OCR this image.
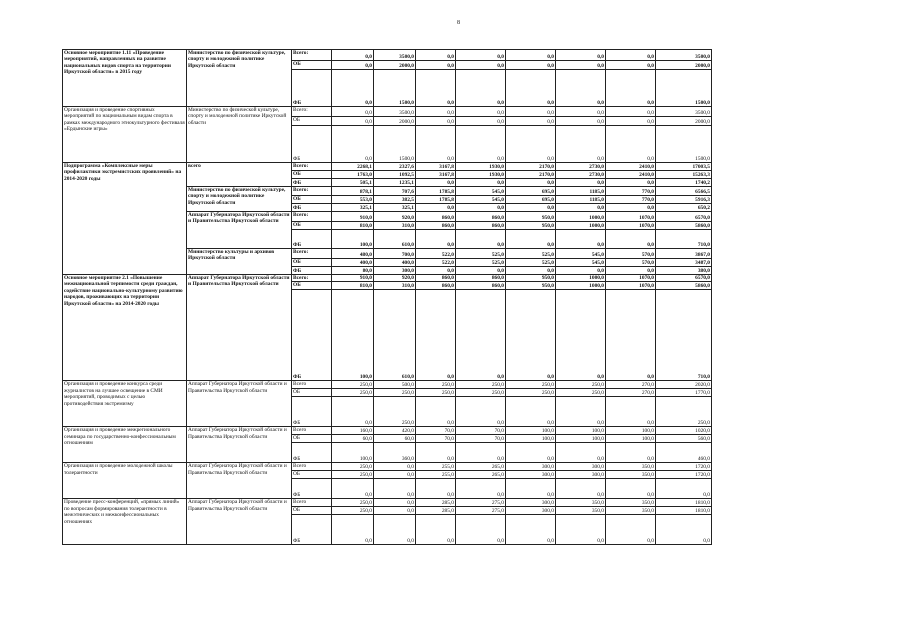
8
Основное мероприятие 1.11 «Проведение мероприятий, направленных на развитие национальных видов спорта на территории Иркутской области» в 2015 году	Министерство по физической культуре, спорту и молодежной политике Иркутской области	Всего:	0,0	3500,0	0,0	0,0	0,0	0,0	0,0	3500,0
		ОБ	0,0	2000,0	0,0	0,0	0,0	0,0	0,0	2000,0
		ФБ	0,0	1500,0	0,0	0,0	0,0	0,0	0,0	1500,0
Организация и проведение спортивных мероприятий по национальным видам спорта в рамках международного этнокультурного фестиваля «Ердынские игры»	Министерство по физической культуре, спорту и молодежной политике Иркутской области	Всего:	0,0	3500,0	0,0	0,0	0,0	0,0	0,0	3500,0
		ОБ	0,0	2000,0	0,0	0,0	0,0	0,0	0,0	2000,0
		ФБ	0,0	1500,0	0,0	0,0	0,0	0,0	0,0	1500,0
Подпрограмма «Комплексные меры профилактики экстремистских проявлений» на 2014-2020 годы	всего	Всего:	2268,1	2327,6	3167,8	1930,0	2170,0	2730,0	2410,0	17003,5
		ОБ	1763,0	1092,5	3167,8	1930,0	2170,0	2730,0	2410,0	15263,3
		ФБ	505,1	1235,1	0,0	0,0	0,0	0,0	0,0	1740,2
	Министерство по физической культуре, спорту и молодежной политике Иркутской области	Всего:	878,1	707,6	1785,8	545,0	695,0	1185,0	770,0	6566,5
		ОБ	553,0	382,5	1785,8	545,0	695,0	1185,0	770,0	5916,3
		ФБ	325,1	325,1	0,0	0,0	0,0	0,0	0,0	650,2
	Аппарат Губернатора Иркутской области и Правительства Иркутской области	Всего:	910,0	920,0	860,0	860,0	950,0	1000,0	1070,0	6570,0
		ОБ	810,0	310,0	860,0	860,0	950,0	1000,0	1070,0	5860,0
		ФБ	100,0	610,0	0,0	0,0	0,0	0,0	0,0	710,0
	Министерство культуры и архивов Иркутской области	Всего:	480,0	700,0	522,0	525,0	525,0	545,0	570,0	3867,0
		ОБ	400,0	400,0	522,0	525,0	525,0	545,0	570,0	3487,0
		ФБ	80,0	300,0	0,0	0,0	0,0	0,0	0,0	380,0
Основное мероприятие 2.1 «Повышение межнациональной терпимости среди граждан, содействие национально-культурному развитию народов, проживающих на территории Иркутской области» на 2014-2020 годы	Аппарат Губернатора Иркутской области и Правительства Иркутской области	Всего:	910,0	920,0	860,0	860,0	950,0	1000,0	1070,0	6570,0
		ОБ	810,0	310,0	860,0	860,0	950,0	1000,0	1070,0	5860,0
		ФБ	100,0	610,0	0,0	0,0	0,0	0,0	0,0	710,0
Организация и проведение конкурса среди журналистов на лучшее освещение в СМИ мероприятий, проводимых с целью противодействия экстремизму	Аппарат Губернатора Иркутской области и Правительства Иркутской области	Всего	250,0	500,0	250,0	250,0	250,0	250,0	270,0	2020,0
		ОБ	250,0	250,0	250,0	250,0	250,0	250,0	270,0	1770,0
		ФБ	0,0	250,0	0,0	0,0	0,0	0,0	0,0	250,0
Организация и проведение межрегионального семинара по государственно-конфессиональным отношениям	Аппарат Губернатора Иркутской области и Правительства Иркутской области	Всего	160,0	420,0	70,0	70,0	100,0	100,0	100,0	1020,0
		ОБ	60,0	60,0	70,0	70,0	100,0	100,0	100,0	560,0
		ФБ	100,0	360,0	0,0	0,0	0,0	0,0	0,0	460,0
Организация и проведение молодежной школы толерантности	Аппарат Губернатора Иркутской области и Правительства Иркутской области	Всего	250,0	0,0	255,0	265,0	300,0	300,0	350,0	1720,0
		ОБ	250,0	0,0	255,0	265,0	300,0	300,0	350,0	1720,0
		ФБ	0,0	0,0	0,0	0,0	0,0	0,0	0,0	0,0
Проведение пресс-конференций, «прямых линий» по вопросам формирования толерантности в межэтнических и межконфессиональных отношениях	Аппарат Губернатора Иркутской области и Правительства Иркутской области	Всего	250,0	0,0	285,0	275,0	300,0	350,0	350,0	1810,0
		ОБ	250,0	0,0	285,0	275,0	300,0	350,0	350,0	1810,0
		ФБ	0,0	0,0	0,0	0,0	0,0	0,0	0,0	0,0
